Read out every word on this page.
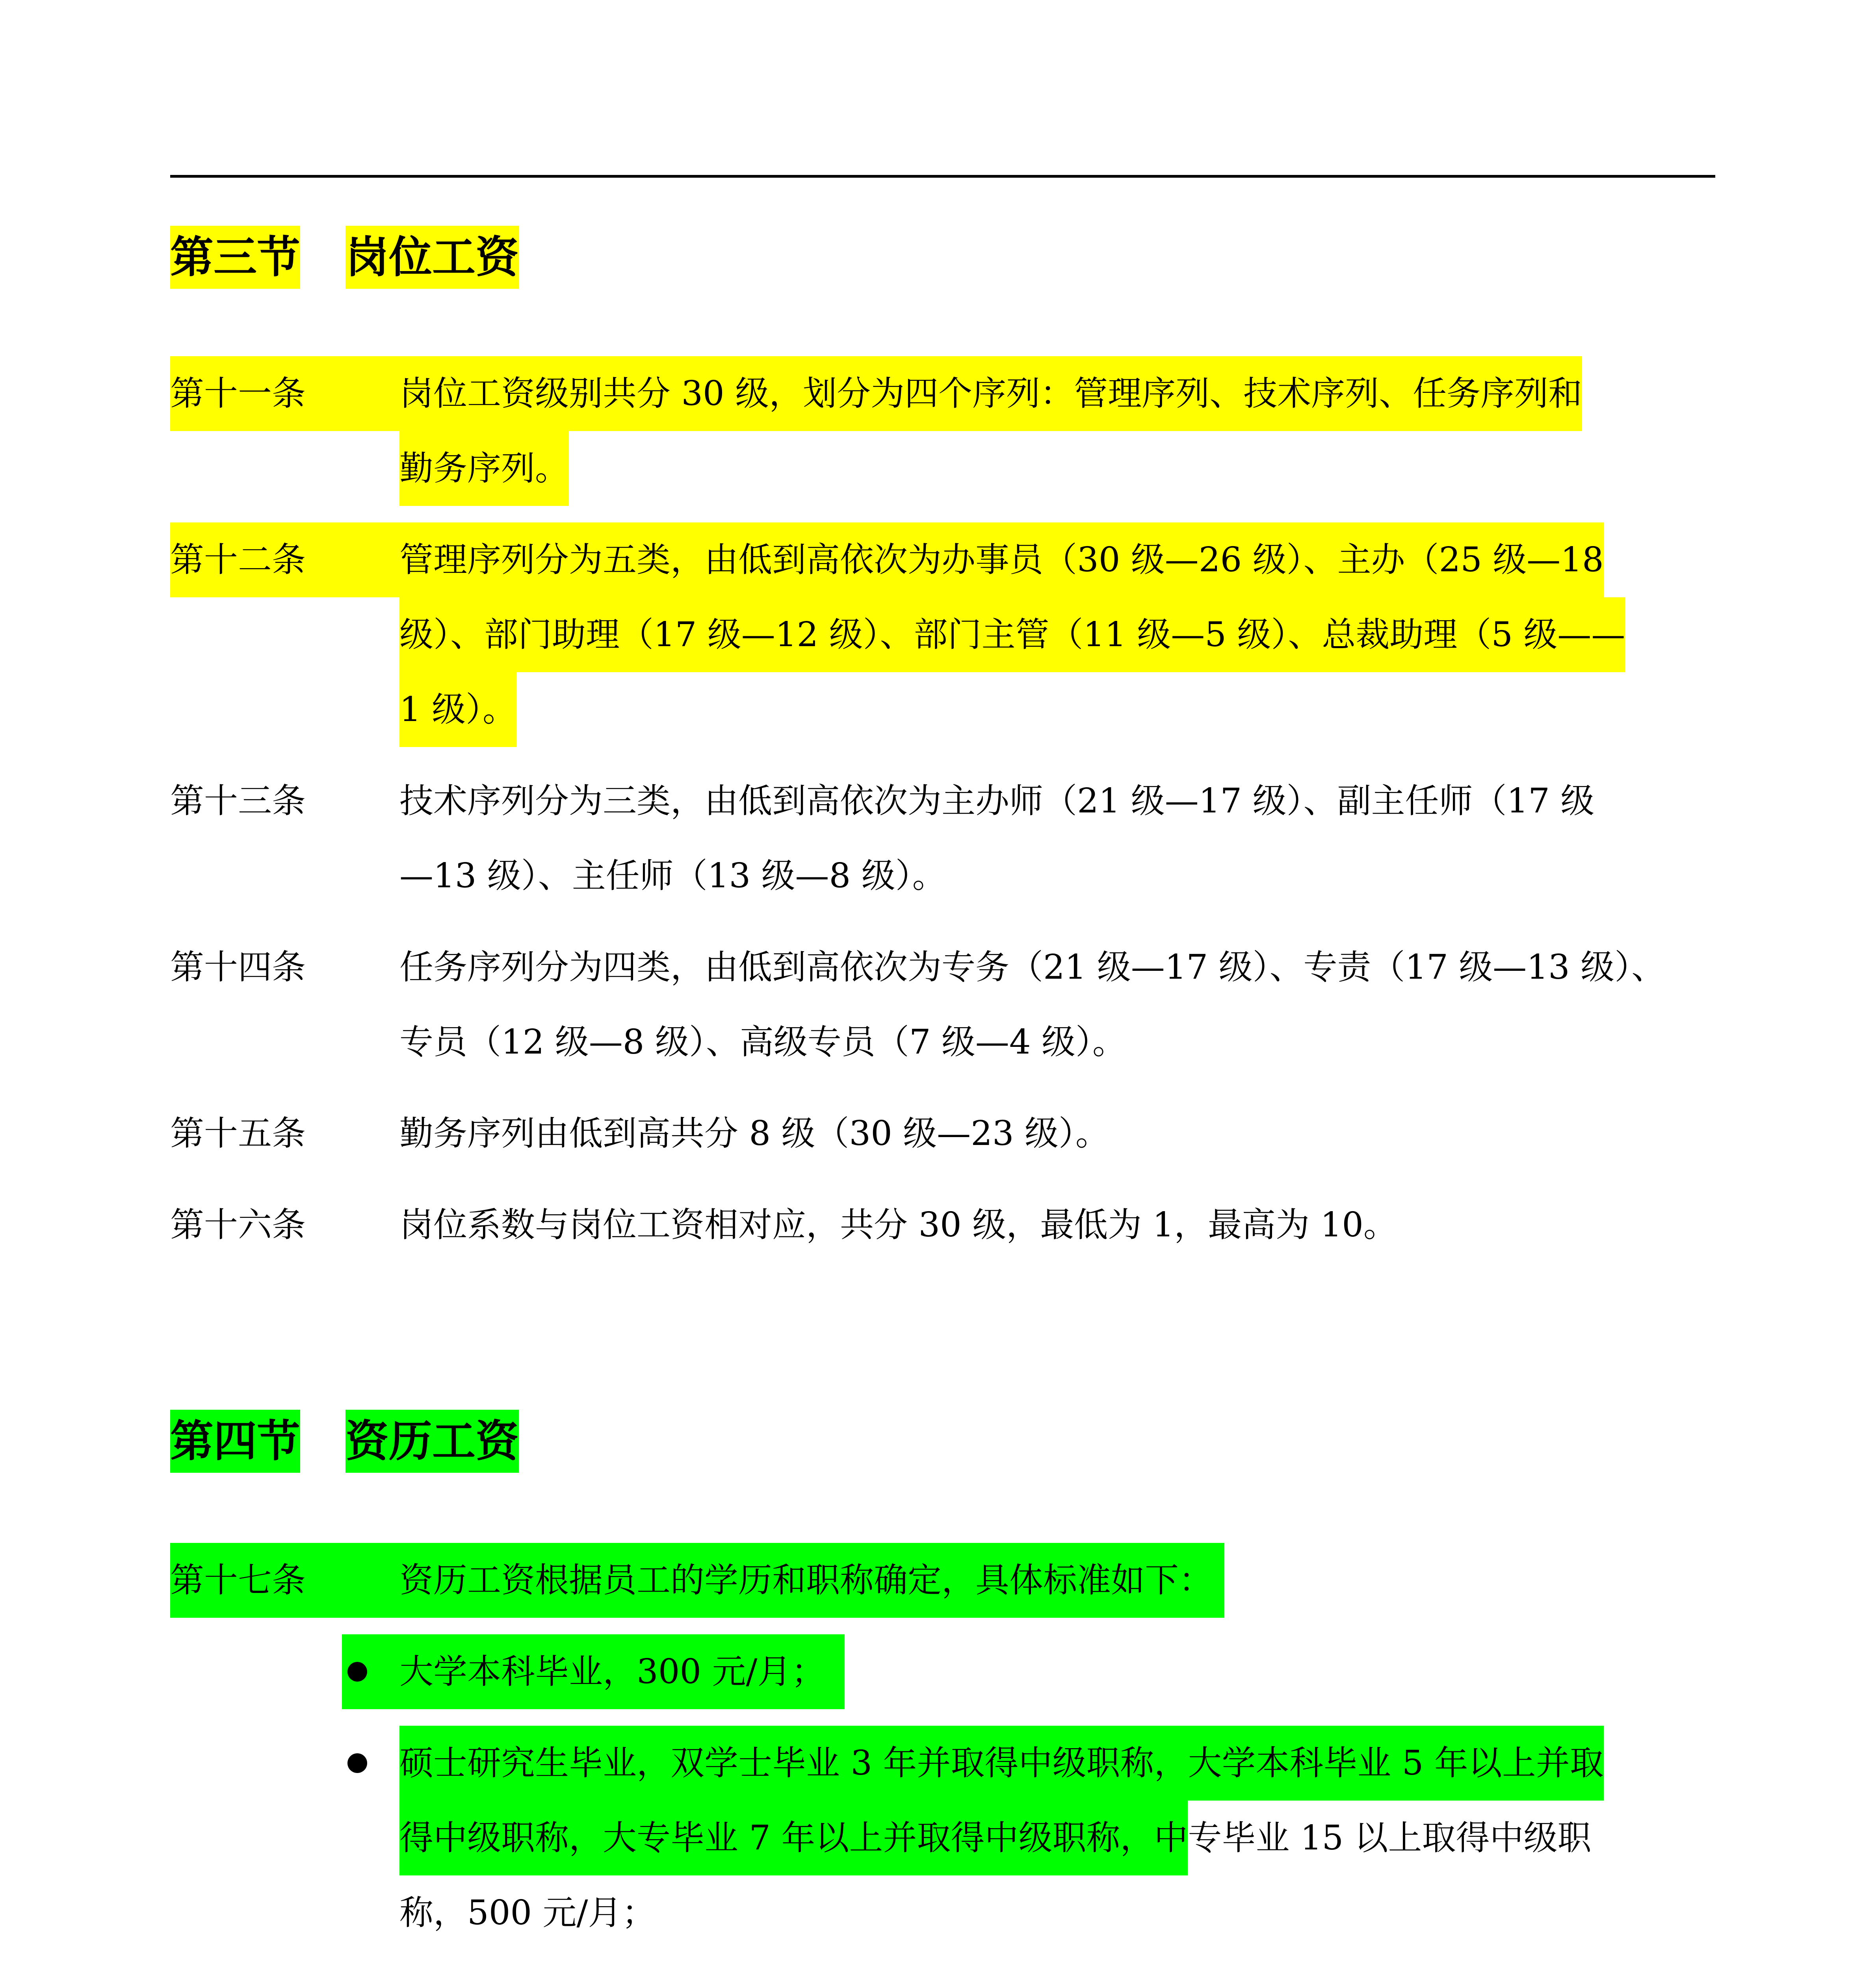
第三节 岗位工资
第十一条	岗位工资级别共分 30 级，划分为四个序列：管理序列、技术序列、任务序列和
勤务序列。
第十二条	管理序列分为五类，由低到高依次为办事员（30 级—26 级）、主办（25 级—18
级）、部门助理（17 级—12 级）、部门主管（11 级—5 级）、总裁助理（5 级——
1 级）。
第十三条	技术序列分为三类，由低到高依次为主办师（21 级—17 级）、副主任师（17 级
—13 级）、主任师（13 级—8 级）。
第十四条	任务序列分为四类，由低到高依次为专务（21 级—17 级）、专责（17 级—13 级）、
专员（12 级—8 级）、高级专员（7 级—4 级）。
第十五条	勤务序列由低到高共分 8 级（30 级—23 级）。
第十六条	岗位系数与岗位工资相对应，共分 30 级，最低为 1，最高为 10。
第四节 资历工资
第十七条	资历工资根据员工的学历和职称确定，具体标准如下：
大学本科毕业，300 元/月；
硕士研究生毕业，双学士毕业 3 年并取得中级职称，大学本科毕业 5 年以上并取
得中级职称，大专毕业 7 年以上并取得中级职称，中专毕业 15 以上取得中级职
称，500 元/月；
